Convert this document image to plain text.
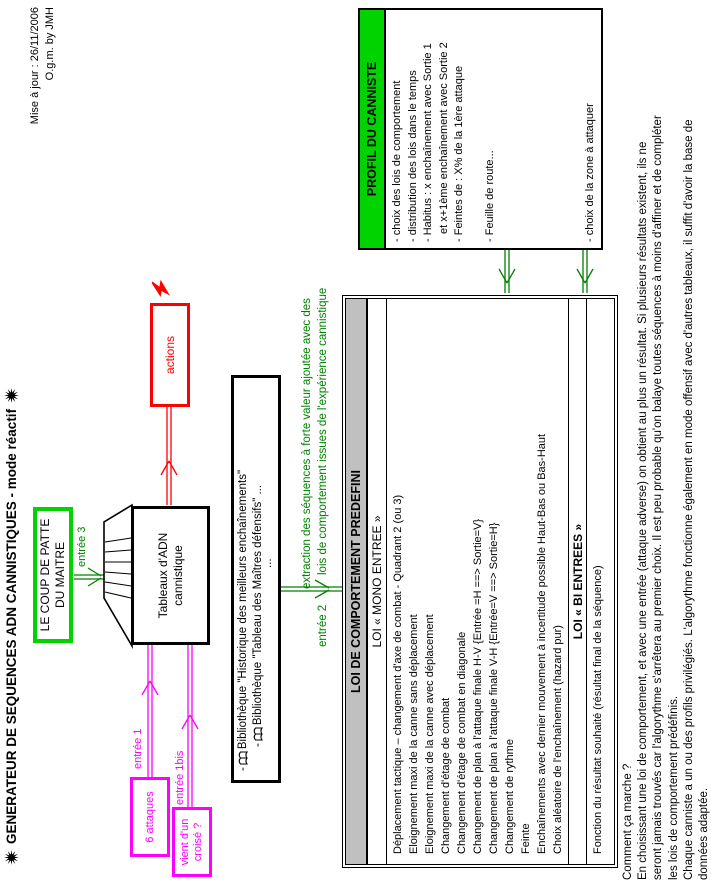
GENERATEUR DE SEQUENCES ADN CANNISTIQUES - mode réactif
Mise à jour : 26/11/2006 O.g.m. by JMH
LE COUP DE PATTE DU MAITRE entrée 3	Tableaux d'ADN cannistique
actions
6 attaques vient d'un croisé ?
entrée 1
entrée 1bis	-
Bibliothèque "Historique des meilleurs enchaînements" -
Bibliothèque "Tableau des Maîtres défensifs" ...
... extraction des séquences à forte valeur ajoutée avec des
entrée 2
lois de comportement issues de l'expérience cannistique
LOI DE COMPORTEMENT PREDEFINI LOI « MONO ENTREE » Déplacement tactique – changement d'axe de combat - Quadrant 2 (ou 3) Eloignement maxi de la canne sans déplacement Eloignement maxi de la canne avec déplacement Changement d'étage de combat Changement d'étage de combat en diagonale Changement de plan à l'attaque finale H-V {Entrée =H ==> Sortie=V} Changement de plan à l'attaque finale V-H {Entrée=V ==> Sortie=H} Changement de rythme Feinte Enchaînements avec dernier mouvement à incertitude possible Haut-Bas ou Bas-Haut Choix aléatoire de l'enchaînement (hazard pur)
LOI « BI ENTREES » Fonction du résultat souhaité (résultat final de la séquence)
PROFIL DU CANNISTE	- choix des lois de comportement - distribution des lois dans le temps - Habitus : x enchaînement avec Sortie 1 et x+1ème enchaînement avec Sortie 2 - Feintes de : X% de la 1ère attaque - Feuille de route...	- choix de la zone à attaquer
Comment ça marche ? En choisissant une loi de comportement, et avec une entrée (attaque adverse) on obtient au plus un résultat. Si plusieurs résultats existent, ils ne seront jamais trouvés car l'algorythme s'arrêtera au premier choix. Il est peu probable qu'on balaye toutes séquences à moins d'affiner et de compléter les lois de comportement prédéfinis. Chaque canniste a un ou des profils privilégiés. L'algorythme fonctionne également en mode offensif avec d'autres tableaux, il suffit d'avoir la base de données adaptée.
